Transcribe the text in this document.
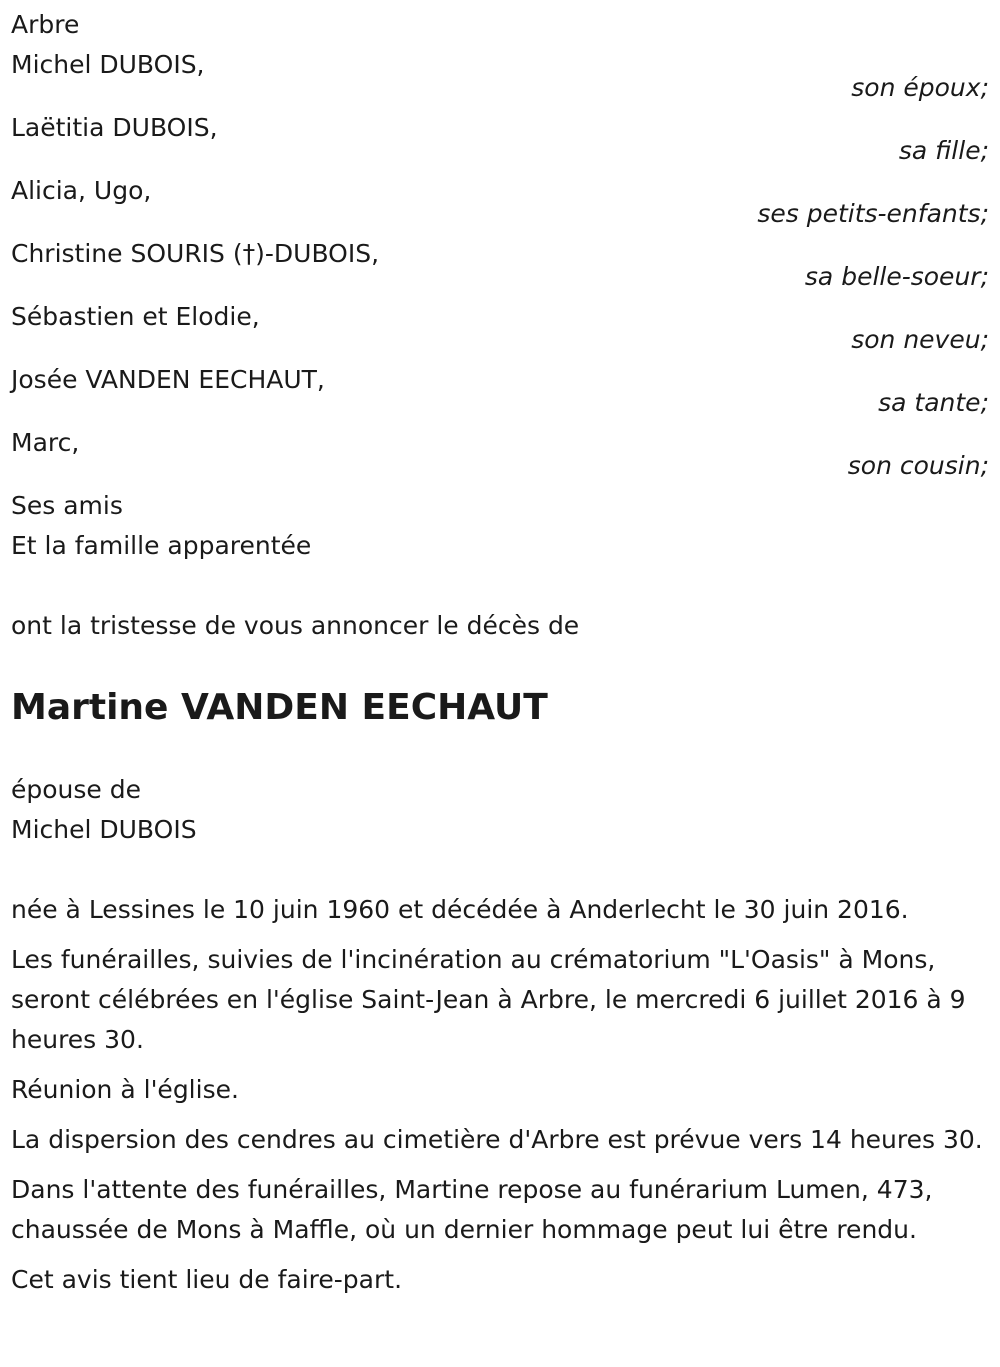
Arbre
Michel DUBOIS,
son époux;
Laëtitia DUBOIS,
sa fille;
Alicia, Ugo,
ses petits-enfants;
Christine SOURIS (†)-DUBOIS,
sa belle-soeur;
Sébastien et Elodie,
son neveu;
Josée VANDEN EECHAUT,
sa tante;
Marc,
son cousin;
Ses amis
Et la famille apparentée
ont la tristesse de vous annoncer le décès de
Martine VANDEN EECHAUT
épouse de
Michel DUBOIS
née à Lessines le 10 juin 1960 et décédée à Anderlecht le 30 juin 2016.
Les funérailles, suivies de l'incinération au crématorium "L'Oasis" à Mons, seront célébrées en l'église Saint-Jean à Arbre, le mercredi 6 juillet 2016 à 9 heures 30.
Réunion à l'église.
La dispersion des cendres au cimetière d'Arbre est prévue vers 14 heures 30.
Dans l'attente des funérailles, Martine repose au funérarium Lumen, 473, chaussée de Mons à Maffle, où un dernier hommage peut lui être rendu.
Cet avis tient lieu de faire-part.
